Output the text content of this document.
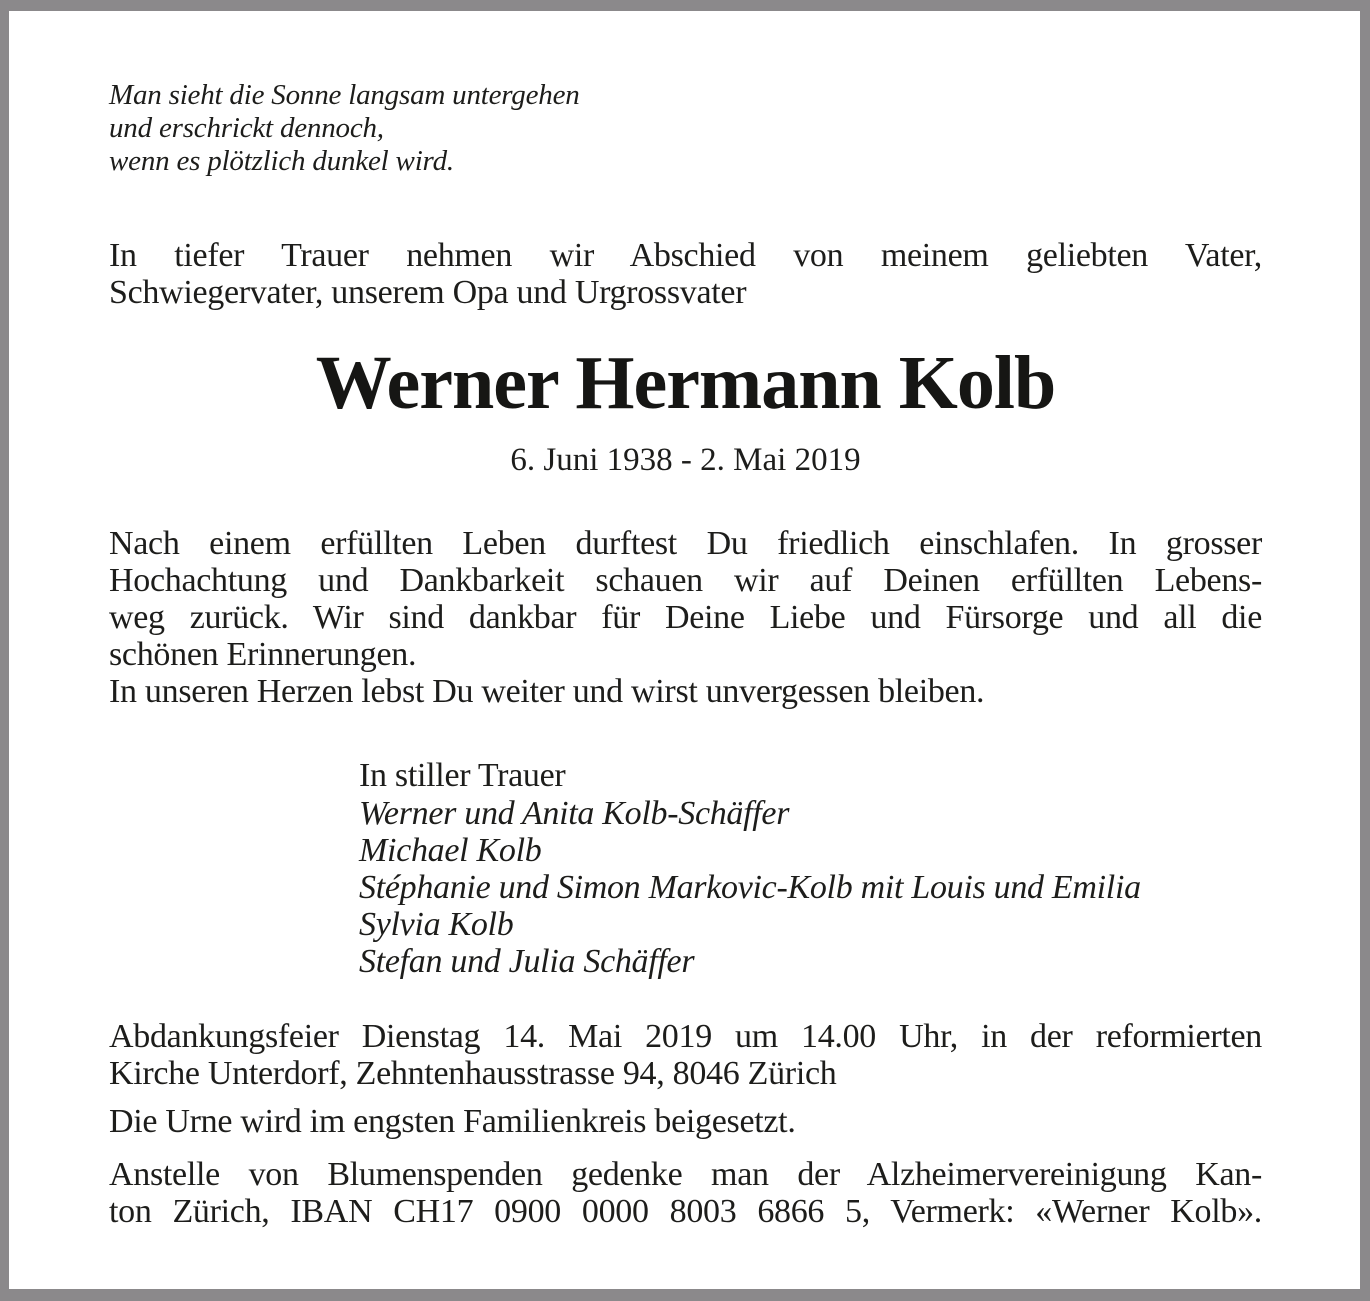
Man sieht die Sonne langsam untergehen
und erschrickt dennoch,
wenn es plötzlich dunkel wird.
In tiefer Trauer nehmen wir Abschied von meinem geliebten Vater,
Schwiegervater, unserem Opa und Urgrossvater
Werner Hermann Kolb
6. Juni 1938 - 2. Mai 2019
Nach einem erfüllten Leben durftest Du friedlich einschlafen. In grosser
Hochachtung und Dankbarkeit schauen wir auf Deinen erfüllten Lebens-
weg zurück. Wir sind dankbar für Deine Liebe und Fürsorge und all die
schönen Erinnerungen.
In unseren Herzen lebst Du weiter und wirst unvergessen bleiben.
In stiller Trauer
Werner und Anita Kolb-Schäffer
Michael Kolb
Stéphanie und Simon Markovic-Kolb mit Louis und Emilia
Sylvia Kolb
Stefan und Julia Schäffer
Abdankungsfeier Dienstag 14. Mai 2019 um 14.00 Uhr, in der reformierten
Kirche Unterdorf, Zehntenhausstrasse 94, 8046 Zürich
Die Urne wird im engsten Familienkreis beigesetzt.
Anstelle von Blumenspenden gedenke man der Alzheimervereinigung Kan-
ton Zürich, IBAN CH17 0900 0000 8003 6866 5, Vermerk: «Werner Kolb».
